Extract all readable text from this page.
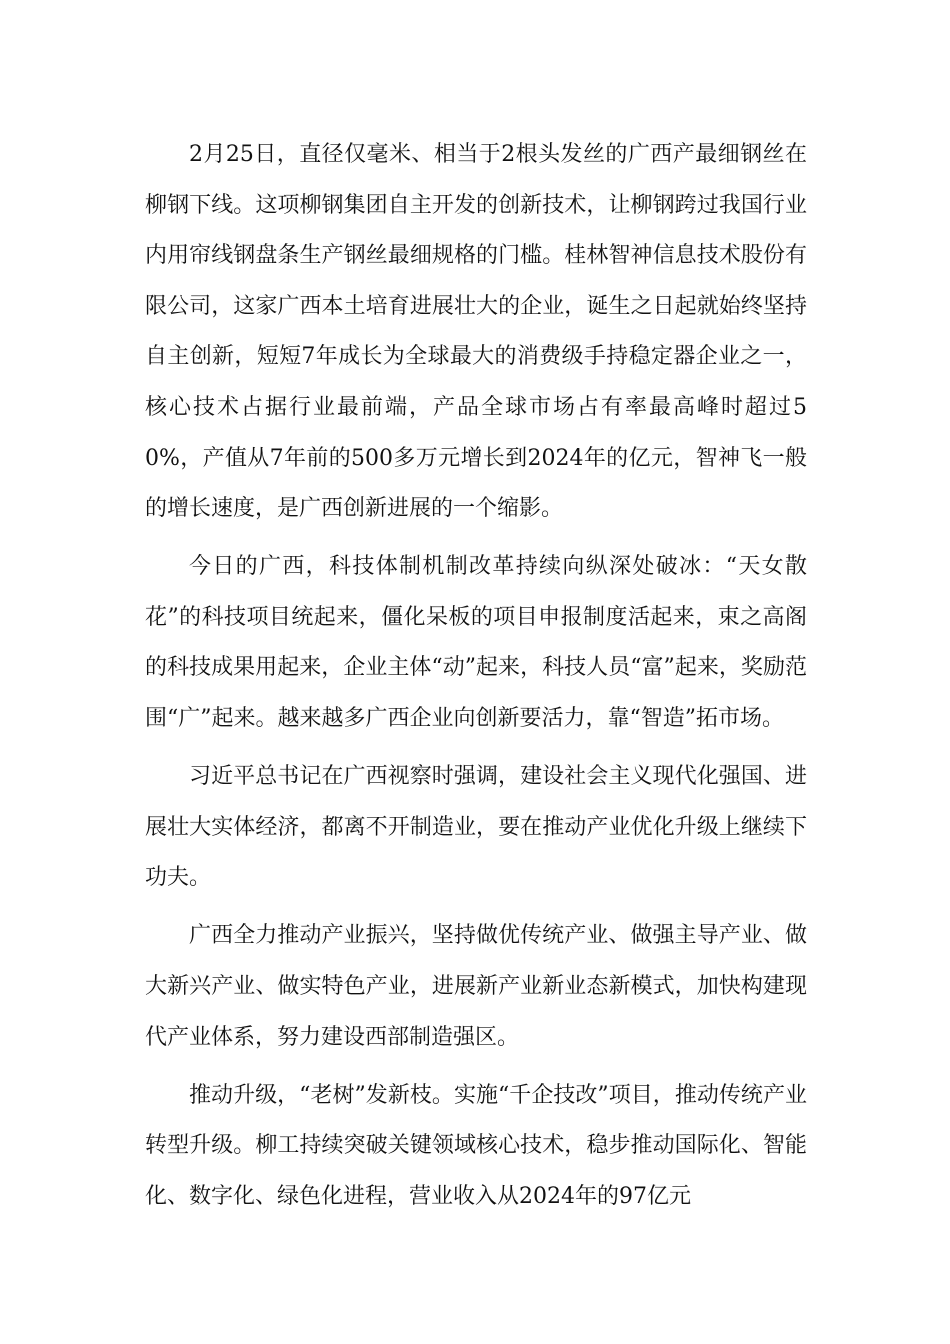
2月25日，直径仅毫米、相当于2根头发丝的广西产最细钢丝在柳钢下线。这项柳钢集团自主开发的创新技术，让柳钢跨过我国行业内用帘线钢盘条生产钢丝最细规格的门槛。桂林智神信息技术股份有限公司，这家广西本土培育进展壮大的企业，诞生之日起就始终坚持自主创新，短短7年成长为全球最大的消费级手持稳定器企业之一，核心技术占据行业最前端，产品全球市场占有率最高峰时超过50%，产值从7年前的500多万元增长到2024年的亿元，智神飞一般的增长速度，是广西创新进展的一个缩影。

今日的广西，科技体制机制改革持续向纵深处破冰：“天女散花”的科技项目统起来，僵化呆板的项目申报制度活起来，束之高阁的科技成果用起来，企业主体“动”起来，科技人员“富”起来，奖励范围“广”起来。越来越多广西企业向创新要活力，靠“智造”拓市场。

习近平总书记在广西视察时强调，建设社会主义现代化强国、进展壮大实体经济，都离不开制造业，要在推动产业优化升级上继续下功夫。

广西全力推动产业振兴，坚持做优传统产业、做强主导产业、做大新兴产业、做实特色产业，进展新产业新业态新模式，加快构建现代产业体系，努力建设西部制造强区。

推动升级，“老树”发新枝。实施“千企技改”项目，推动传统产业转型升级。柳工持续突破关键领域核心技术，稳步推动国际化、智能化、数字化、绿色化进程，营业收入从2024年的97亿元
